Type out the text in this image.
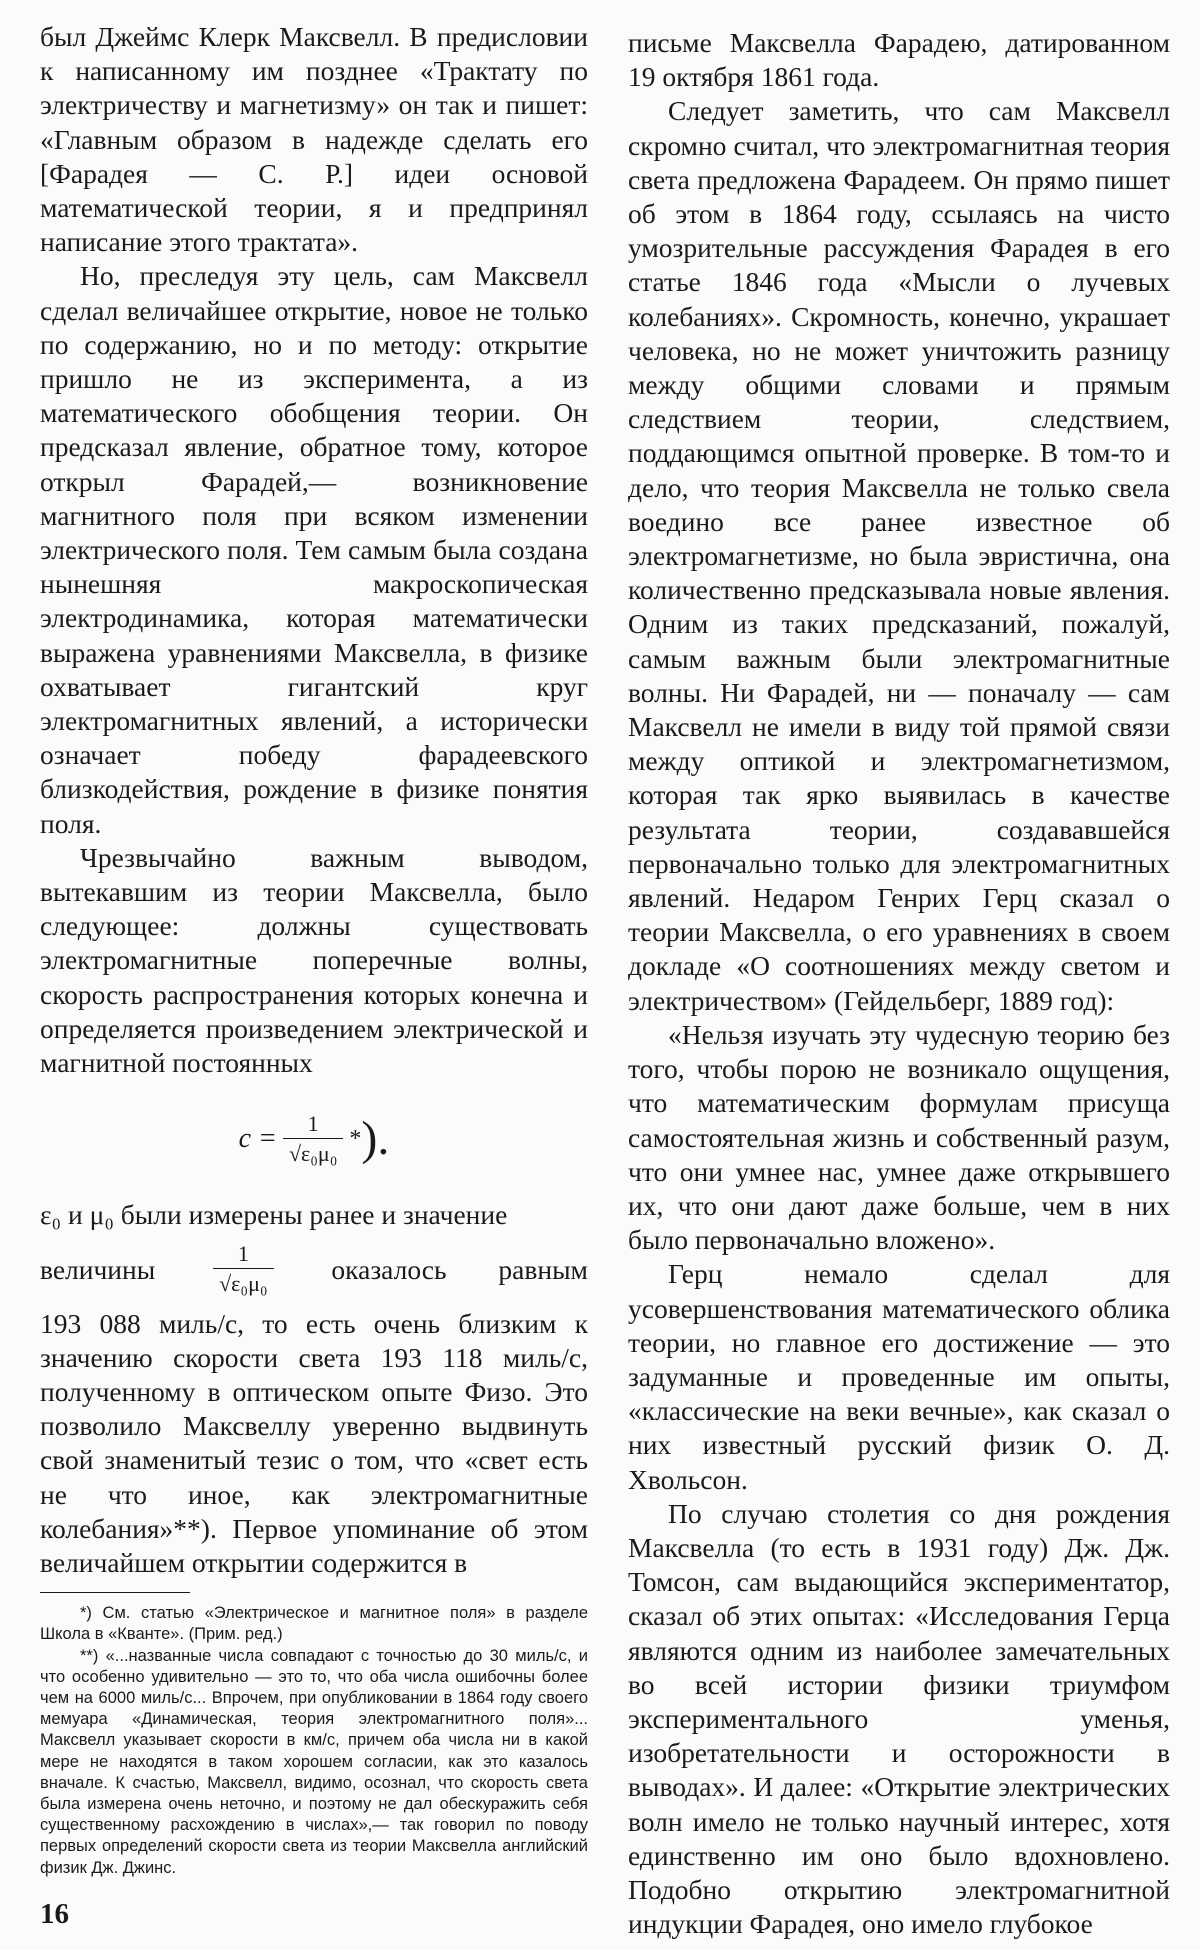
был Джеймс Клерк Максвелл. В предисловии к написанному им позднее «Трактату по электричеству и магнетизму» он так и пишет: «Главным образом в надежде сделать его [Фарадея — С. Р.] идеи основой математической теории, я и предпринял написание этого трактата».

Но, преследуя эту цель, сам Максвелл сделал величайшее открытие, новое не только по содержанию, но и по методу: открытие пришло не из эксперимента, а из математического обобщения теории. Он предсказал явление, обратное тому, которое открыл Фарадей,— возникновение магнитного поля при всяком изменении электрического поля. Тем самым была создана нынешняя макроскопическая электродинамика, которая математически выражена уравнениями Максвелла, в физике охватывает гигантский круг электромагнитных явлений, а исторически означает победу фарадеевского близкодействия, рождение в физике понятия поля.

Чрезвычайно важным выводом, вытекавшим из теории Максвелла, было следующее: должны существовать электромагнитные поперечные волны, скорость распространения которых конечна и определяется произведением электрической и магнитной постоянных

$c = \frac{1}{\text{√ε₀μ₀}}$ * ).

ε₀ и μ₀ были измерены ранее и значение

величины	$\frac{1}{\text{√ε₀μ₀}}$ оказалось равным

193 088 миль/с, то есть очень близким к значению скорости света 193 118 миль/с, полученному в оптическом опыте Физо. Это позволило Максвеллу уверенно выдвинуть свой знаменитый тезис о том, что «свет есть не что иное, как электромагнитные колебания»**). Первое упоминание об этом величайшем открытии содержится в

*) См. статью «Электрическое и магнитное поля» в разделе Школа в «Кванте». (Прим. ред.)

**) «...названные числа совпадают с точностью до 30 миль/с, и что особенно удивительно — это то, что оба числа ошибочны более чем на 6000 миль/с... Впрочем, при опубликовании в 1864 году своего мемуара «Динамическая, теория электромагнитного поля»... Максвелл указывает скорости в км/с, причем оба числа ни в какой мере не находятся в таком хорошем согласии, как это казалось вначале. К счастью, Максвелл, видимо, осознал, что скорость света была измерена очень неточно, и поэтому не дал обескуражить себя существенному расхождению в числах»,— так говорил по поводу первых определений скорости света из теории Максвелла английский физик Дж. Джинс.

письме Максвелла Фарадею, датированном 19 октября 1861 года.

Следует заметить, что сам Максвелл скромно считал, что электромагнитная теория света предложена Фарадеем. Он прямо пишет об этом в 1864 году, ссылаясь на чисто умозрительные рассуждения Фарадея в его статье 1846 года «Мысли о лучевых колебаниях». Скромность, конечно, украшает человека, но не может уничтожить разницу между общими словами и прямым следствием теории, следствием, поддающимся опытной проверке. В том-то и дело, что теория Максвелла не только свела воедино все ранее известное об электромагнетизме, но была эвристична, она количественно предсказывала новые явления. Одним из таких предсказаний, пожалуй, самым важным были электромагнитные волны. Ни Фарадей, ни — поначалу — сам Максвелл не имели в виду той прямой связи между оптикой и электромагнетизмом, которая так ярко выявилась в качестве результата теории, создававшейся первоначально только для электромагнитных явлений. Недаром Генрих Герц сказал о теории Максвелла, о его уравнениях в своем докладе «О соотношениях между светом и электричеством» (Гейдельберг, 1889 год):

«Нельзя изучать эту чудесную теорию без того, чтобы порою не возникало ощущения, что математическим формулам присуща самостоятельная жизнь и собственный разум, что они умнее нас, умнее даже открывшего их, что они дают даже больше, чем в них было первоначально вложено».

Герц немало сделал для усовершенствования математического облика теории, но главное его достижение — это задуманные и проведенные им опыты, «классические на веки вечные», как сказал о них известный русский физик О. Д. Хвольсон.

По случаю столетия со дня рождения Максвелла (то есть в 1931 году) Дж. Дж. Томсон, сам выдающийся экспериментатор, сказал об этих опытах: «Исследования Герца являются одним из наиболее замечательных во всей истории физики триумфом экспериментального уменья, изобретательности и осторожности в выводах». И далее: «Открытие электрических волн имело не только научный интерес, хотя единственно им оно было вдохновлено. Подобно открытию электромагнитной индукции Фарадея, оно имело глубокое

16
